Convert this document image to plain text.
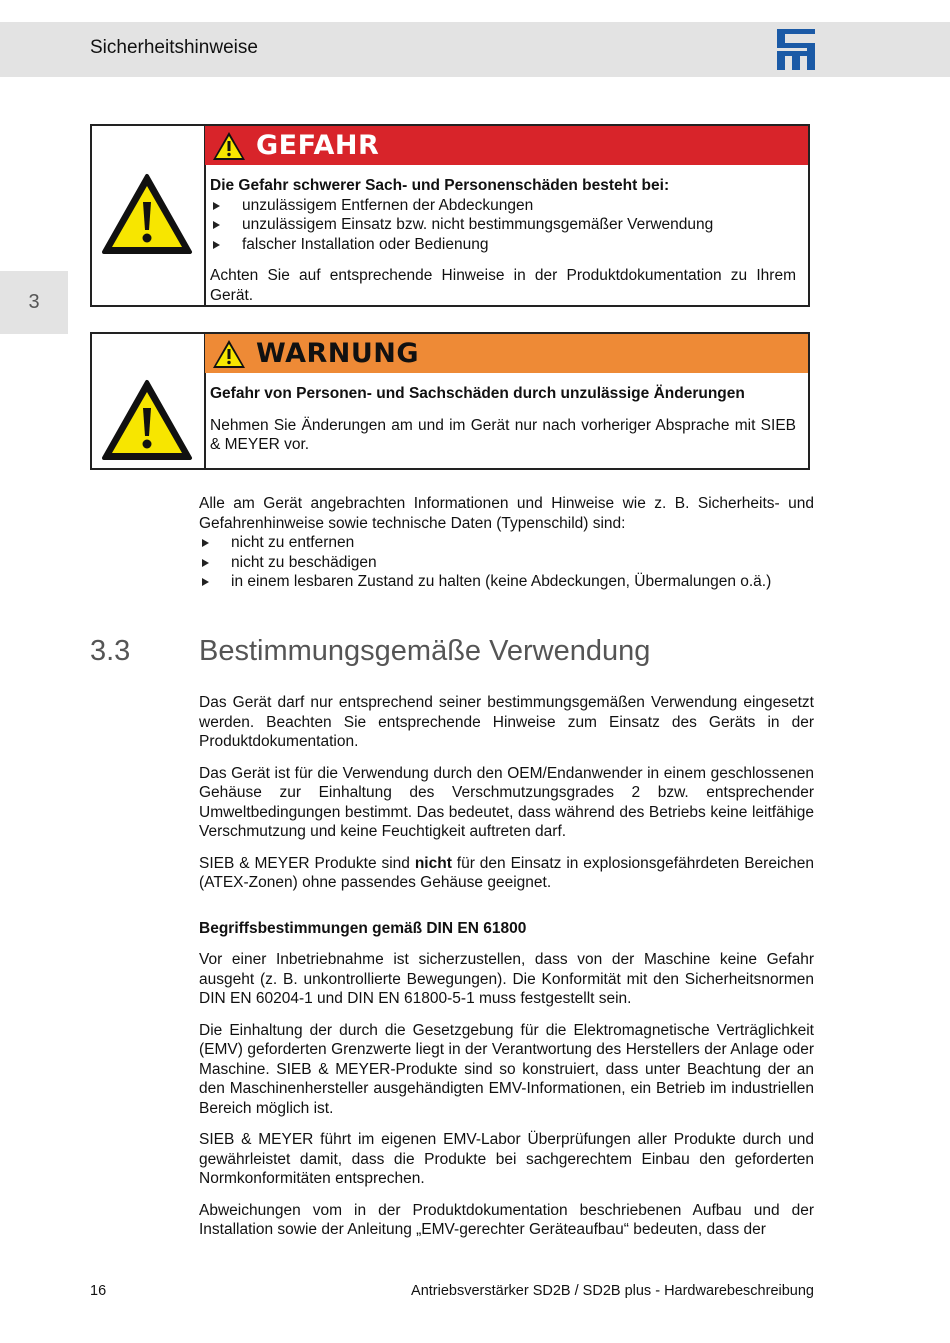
Sicherheitshinweise
3
GEFAHR
Die Gefahr schwerer Sach- und Personenschäden besteht bei:
unzulässigem Entfernen der Abdeckungen
unzulässigem Einsatz bzw. nicht bestimmungsgemäßer Verwendung
falscher Installation oder Bedienung
Achten Sie auf entsprechende Hinweise in der Produktdokumentation zu Ihrem Gerät.
WARNUNG
Gefahr von Personen- und Sachschäden durch unzulässige Änderungen
Nehmen Sie Änderungen am und im Gerät nur nach vorheriger Absprache mit SIEB & MEYER vor.
Alle am Gerät angebrachten Informationen und Hinweise wie z. B. Sicherheits- und Gefahrenhinweise sowie technische Daten (Typenschild) sind:
nicht zu entfernen
nicht zu beschädigen
in einem lesbaren Zustand zu halten (keine Abdeckungen, Übermalungen o.ä.)
3.3 Bestimmungsgemäße Verwendung

Das Gerät darf nur entsprechend seiner bestimmungsgemäßen Verwendung eingesetzt werden. Beachten Sie entsprechende Hinweise zum Einsatz des Geräts in der Produktdokumentation.

Das Gerät ist für die Verwendung durch den OEM/Endanwender in einem geschlossenen Gehäuse zur Einhaltung des Verschmutzungsgrades 2 bzw. entsprechender Umweltbedingungen bestimmt. Das bedeutet, dass während des Betriebs keine leitfähige Verschmutzung und keine Feuchtigkeit auftreten darf.

SIEB & MEYER Produkte sind nicht für den Einsatz in explosionsgefährdeten Bereichen (ATEX-Zonen) ohne passendes Gehäuse geeignet.

Begriffsbestimmungen gemäß DIN EN 61800

Vor einer Inbetriebnahme ist sicherzustellen, dass von der Maschine keine Gefahr ausgeht (z. B. unkontrollierte Bewegungen). Die Konformität mit den Sicherheitsnormen DIN EN 60204-1 und DIN EN 61800-5-1 muss festgestellt sein.

Die Einhaltung der durch die Gesetzgebung für die Elektromagnetische Verträglichkeit (EMV) geforderten Grenzwerte liegt in der Verantwortung des Herstellers der Anlage oder Maschine. SIEB & MEYER-Produkte sind so konstruiert, dass unter Beachtung der an den Maschinenhersteller ausgehändigten EMV-Informationen, ein Betrieb im industriellen Bereich möglich ist.

SIEB & MEYER führt im eigenen EMV-Labor Überprüfungen aller Produkte durch und gewährleistet damit, dass die Produkte bei sachgerechtem Einbau den geforderten Normkonformitäten entsprechen.

Abweichungen vom in der Produktdokumentation beschriebenen Aufbau und der Installation sowie der Anleitung „EMV-gerechter Geräteaufbau“ bedeuten, dass der

16	Antriebsverstärker SD2B / SD2B plus - Hardwarebeschreibung
